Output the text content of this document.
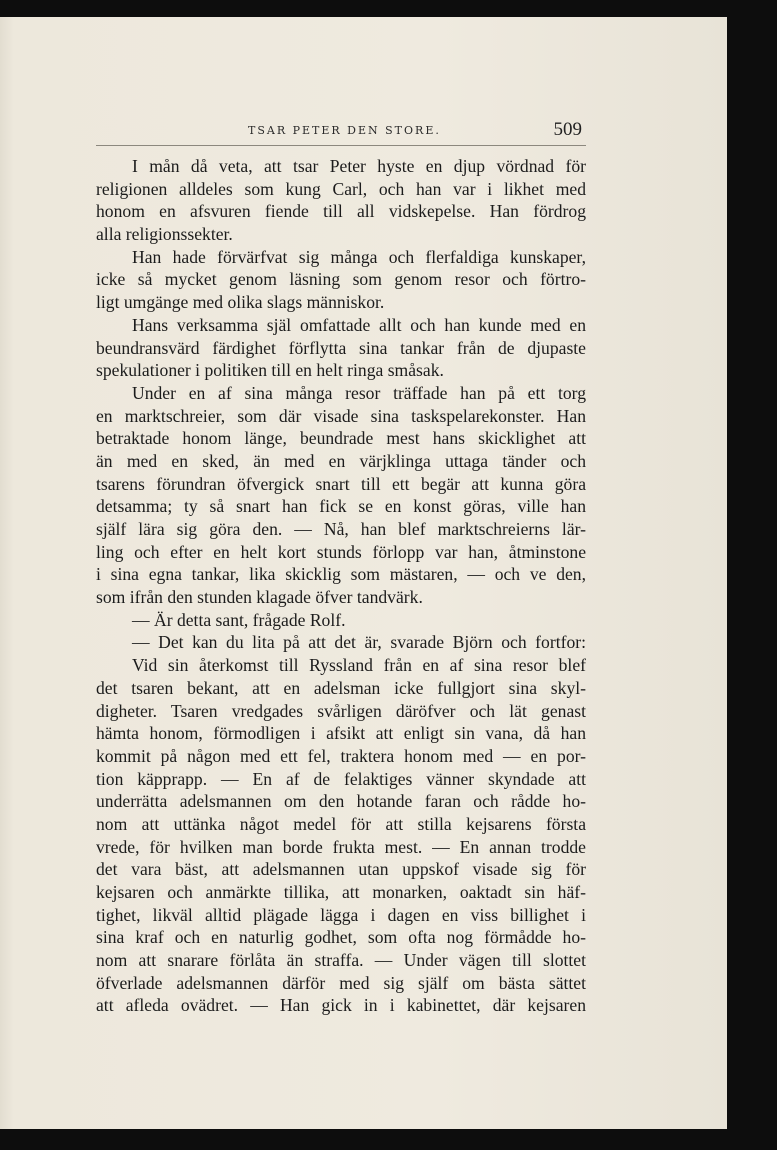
TSAR PETER DEN STORE.	509
I mån då veta, att tsar Peter hyste en djup vördnad för
religionen alldeles som kung Carl, och han var i likhet med
honom en afsvuren fiende till all vidskepelse. Han fördrog
alla religionssekter.
Han hade förvärfvat sig många och flerfaldiga kunskaper,
icke så mycket genom läsning som genom resor och förtro-
ligt umgänge med olika slags människor.
Hans verksamma själ omfattade allt och han kunde med en
beundransvärd färdighet förflytta sina tankar från de djupaste
spekulationer i politiken till en helt ringa småsak.
Under en af sina många resor träffade han på ett torg
en marktschreier, som där visade sina taskspelarekonster. Han
betraktade honom länge, beundrade mest hans skicklighet att
än med en sked, än med en värjklinga uttaga tänder och
tsarens förundran öfvergick snart till ett begär att kunna göra
detsamma; ty så snart han fick se en konst göras, ville han
själf lära sig göra den. — Nå, han blef marktschreierns lär-
ling och efter en helt kort stunds förlopp var han, åtminstone
i sina egna tankar, lika skicklig som mästaren, — och ve den,
som ifrån den stunden klagade öfver tandvärk.
— Är detta sant, frågade Rolf.
— Det kan du lita på att det är, svarade Björn och fortfor:
Vid sin återkomst till Ryssland från en af sina resor blef
det tsaren bekant, att en adelsman icke fullgjort sina skyl-
digheter. Tsaren vredgades svårligen däröfver och lät genast
hämta honom, förmodligen i afsikt att enligt sin vana, då han
kommit på någon med ett fel, traktera honom med — en por-
tion käpprapp. — En af de felaktiges vänner skyndade att
underrätta adelsmannen om den hotande faran och rådde ho-
nom att uttänka något medel för att stilla kejsarens första
vrede, för hvilken man borde frukta mest. — En annan trodde
det vara bäst, att adelsmannen utan uppskof visade sig för
kejsaren och anmärkte tillika, att monarken, oaktadt sin häf-
tighet, likväl alltid plägade lägga i dagen en viss billighet i
sina kraf och en naturlig godhet, som ofta nog förmådde ho-
nom att snarare förlåta än straffa. — Under vägen till slottet
öfverlade adelsmannen därför med sig själf om bästa sättet
att afleda ovädret. — Han gick in i kabinettet, där kejsaren
